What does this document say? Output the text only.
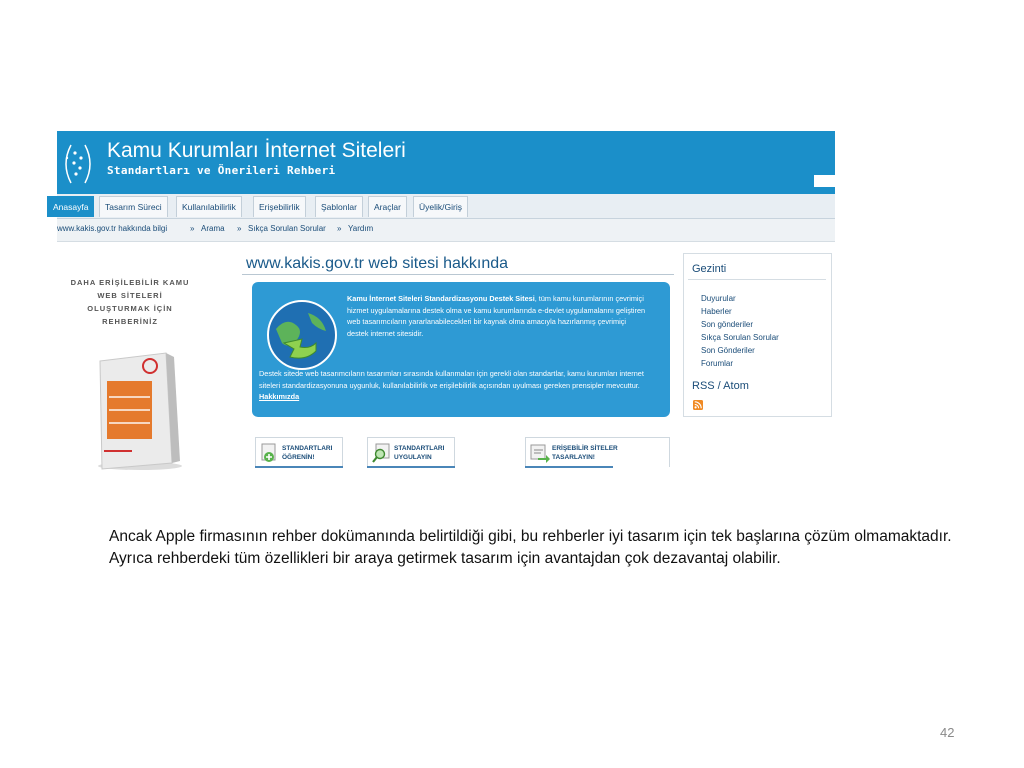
Kamu Kurumları İnternet Siteleri
Standartları ve Önerileri Rehberi
Anasayfa	Tasarım Süreci	Kullanılabilirlik	Erişebilirlik	Şablonlar	Araçlar	Üyelik/Giriş
www.kakis.gov.tr hakkında bilgi	» Arama » Sıkça Sorulan Sorular » Yardım
DAHA ERİŞİLEBİLİR KAMU WEB SİTELERİ OLUŞTURMAK İÇİN REHBERİNİZ
www.kakis.gov.tr web sitesi hakkında
Kamu İnternet Siteleri Standardizasyonu Destek Sitesi, tüm kamu kurumlarının çevrimiçi hizmet uygulamalarına destek olma ve kamu kurumlarında e-devlet uygulamalarını geliştiren web tasarımcıların yararlanabilecekleri bir kaynak olma amacıyla hazırlanmış çevrimiçi destek internet sitesidir.
Destek sitede web tasarımcıların tasarımları sırasında kullanmaları için gerekli olan standartlar, kamu kurumları internet siteleri standardizasyonuna uygunluk, kullanılabilirlik ve erişilebilirlik açısından uyulması gereken prensipler mevcuttur. Hakkımızda
STANDARTLARI
ÖĞRENİN!
STANDARTLARI
UYGULAYIN
ERİŞEBİLİR SİTELER
TASARLAYIN!
Gezinti
Duyurular
Haberler
Son gönderiler
Sıkça Sorulan Sorular
Son Gönderiler
Forumlar
RSS / Atom

Ancak Apple firmasının rehber dokümanında belirtildiği gibi, bu rehberler iyi tasarım için tek başlarına çözüm olmamaktadır.

Ayrıca rehberdeki tüm özellikleri bir araya getirmek tasarım için avantajdan çok dezavantaj olabilir.

42
